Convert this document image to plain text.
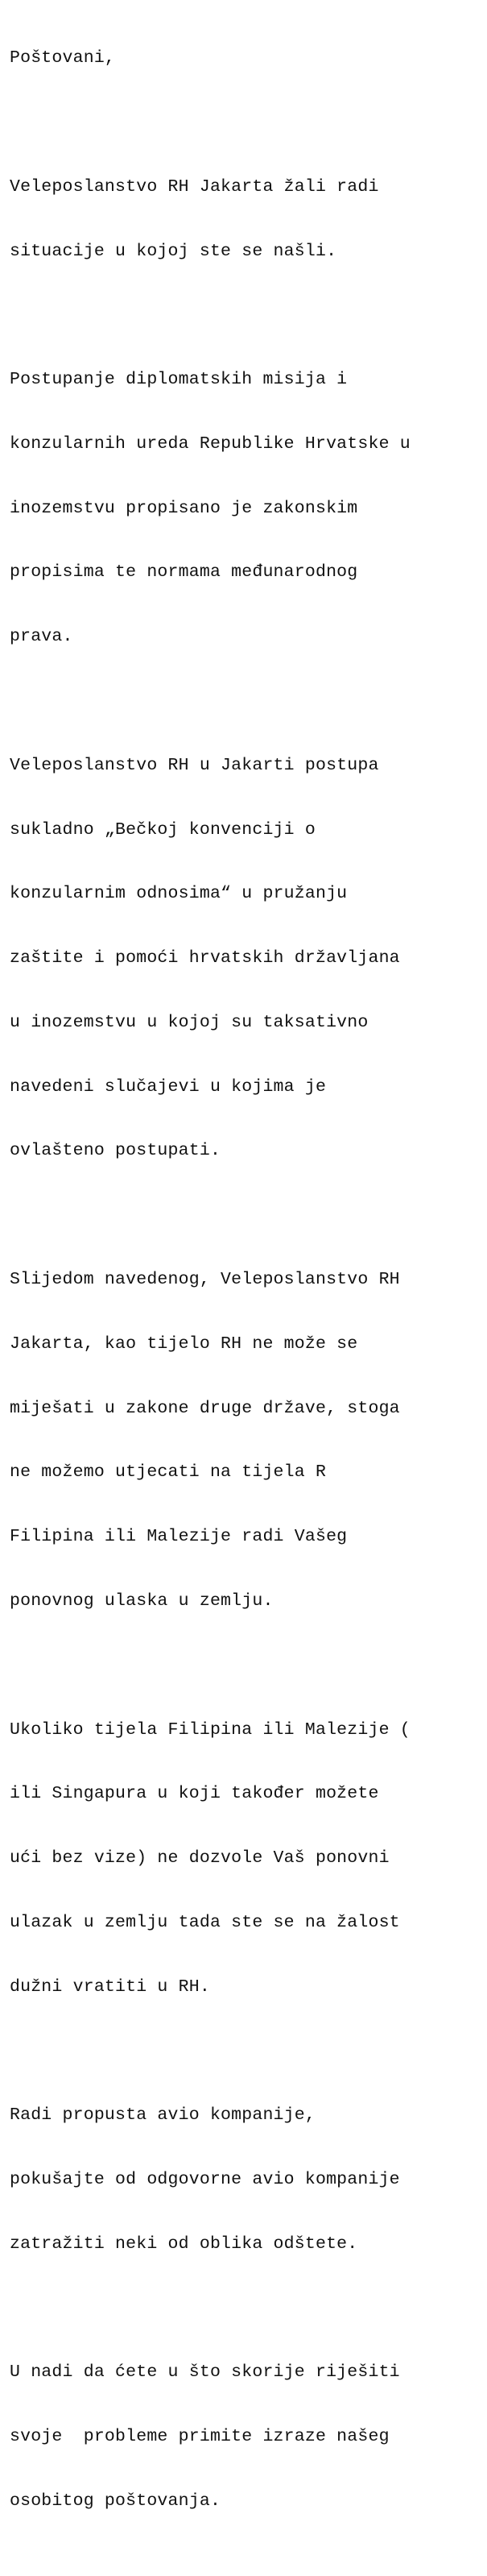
Poštovani,

Veleposlanstvo RH Jakarta žali radi

situacije u kojoj ste se našli.

Postupanje diplomatskih misija i

konzularnih ureda Republike Hrvatske u

inozemstvu propisano je zakonskim

propisima te normama međunarodnog

prava.

Veleposlanstvo RH u Jakarti postupa

sukladno „Bečkoj konvenciji o

konzularnim odnosima“ u pružanju

zaštite i pomoći hrvatskih državljana

u inozemstvu u kojoj su taksativno

navedeni slučajevi u kojima je

ovlašteno postupati.

Slijedom navedenog, Veleposlanstvo RH

Jakarta, kao tijelo RH ne može se

miješati u zakone druge države, stoga

ne možemo utjecati na tijela R

Filipina ili Malezije radi Vašeg

ponovnog ulaska u zemlju.

Ukoliko tijela Filipina ili Malezije (

ili Singapura u koji također možete

ući bez vize) ne dozvole Vaš ponovni

ulazak u zemlju tada ste se na žalost

dužni vratiti u RH.

Radi propusta avio kompanije,

pokušajte od odgovorne avio kompanije

zatražiti neki od oblika odštete.

U nadi da ćete u što skorije riješiti

svoje  probleme primite izraze našeg

osobitog poštovanja.
